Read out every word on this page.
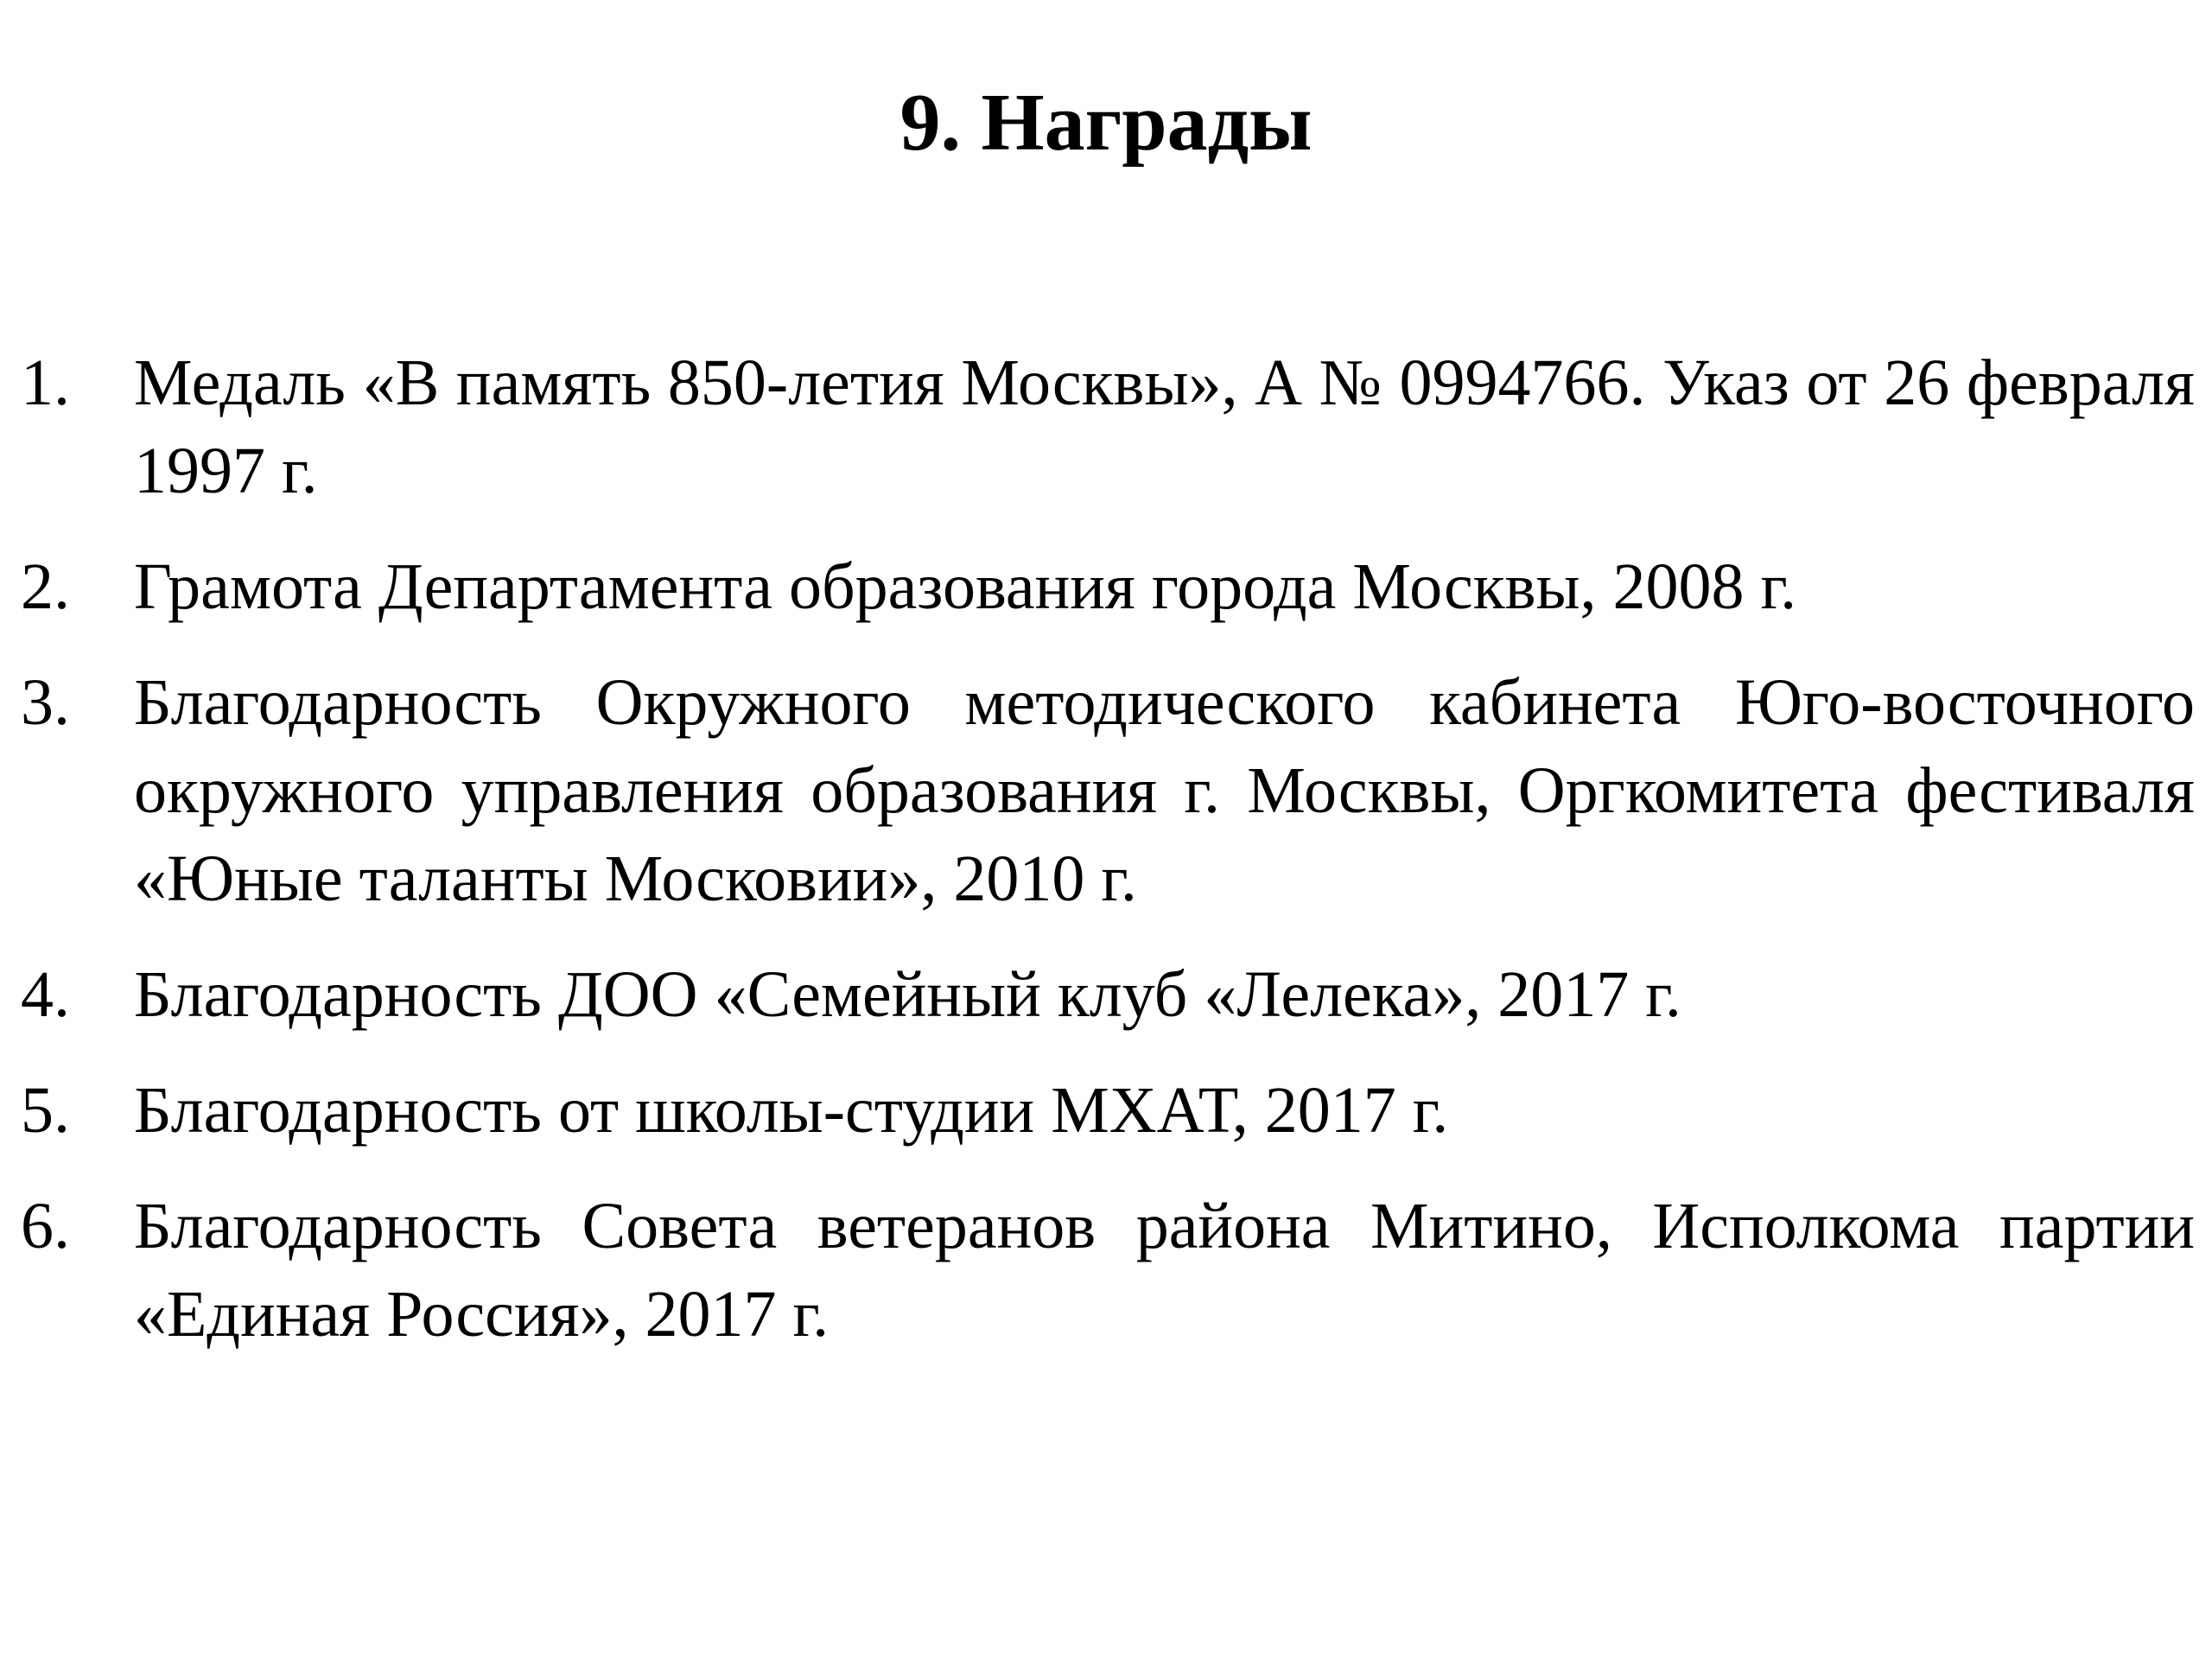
9. Награды
1. Медаль «В память 850-летия Москвы», А № 0994766. Указ от 26 февраля 1997 г.
2. Грамота Департамента образования города Москвы, 2008 г.
3. Благодарность Окружного методического кабинета Юго-восточного окружного управления образования г. Москвы, Оргкомитета фестиваля «Юные таланты Московии», 2010 г.
4. Благодарность ДОО «Семейный клуб «Лелека», 2017 г.
5. Благодарность от школы-студии МХАТ, 2017 г.
6. Благодарность Совета ветеранов района Митино, Исполкома партии «Единая Россия», 2017 г.
